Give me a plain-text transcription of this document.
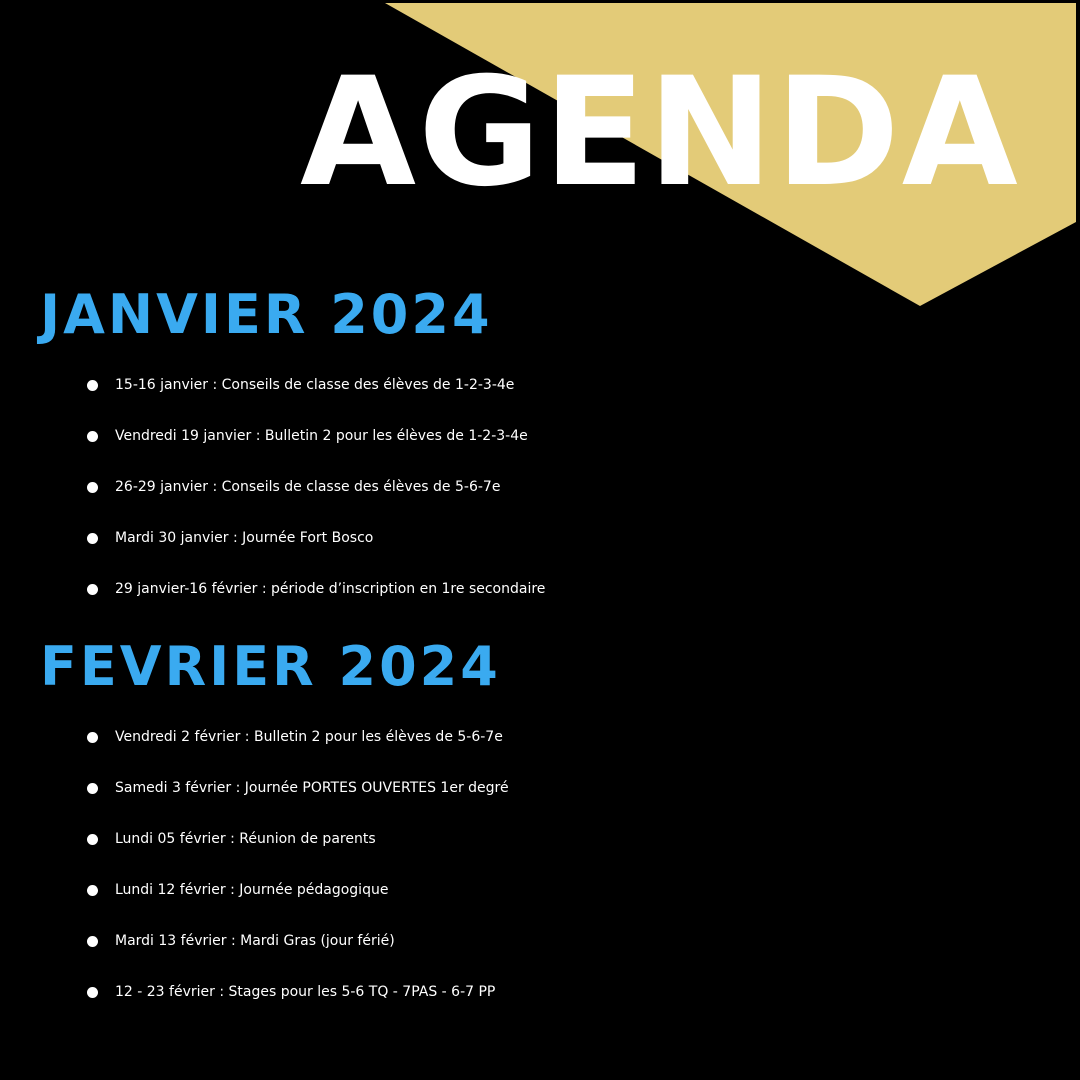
AGENDA
JANVIER 2024
15-16 janvier : Conseils de classe des élèves de 1-2-3-4e
Vendredi 19 janvier : Bulletin 2 pour les élèves de 1-2-3-4e
26-29 janvier : Conseils de classe des élèves de 5-6-7e
Mardi 30 janvier : Journée Fort Bosco
29 janvier-16 février : période d’inscription en 1re secondaire
FEVRIER 2024
Vendredi 2 février : Bulletin 2 pour les élèves de 5-6-7e
Samedi 3 février : Journée PORTES OUVERTES 1er degré
Lundi 05 février : Réunion de parents
Lundi 12 février : Journée pédagogique
Mardi 13 février : Mardi Gras (jour férié)
12 - 23 février : Stages pour les 5-6 TQ - 7PAS - 6-7 PP
